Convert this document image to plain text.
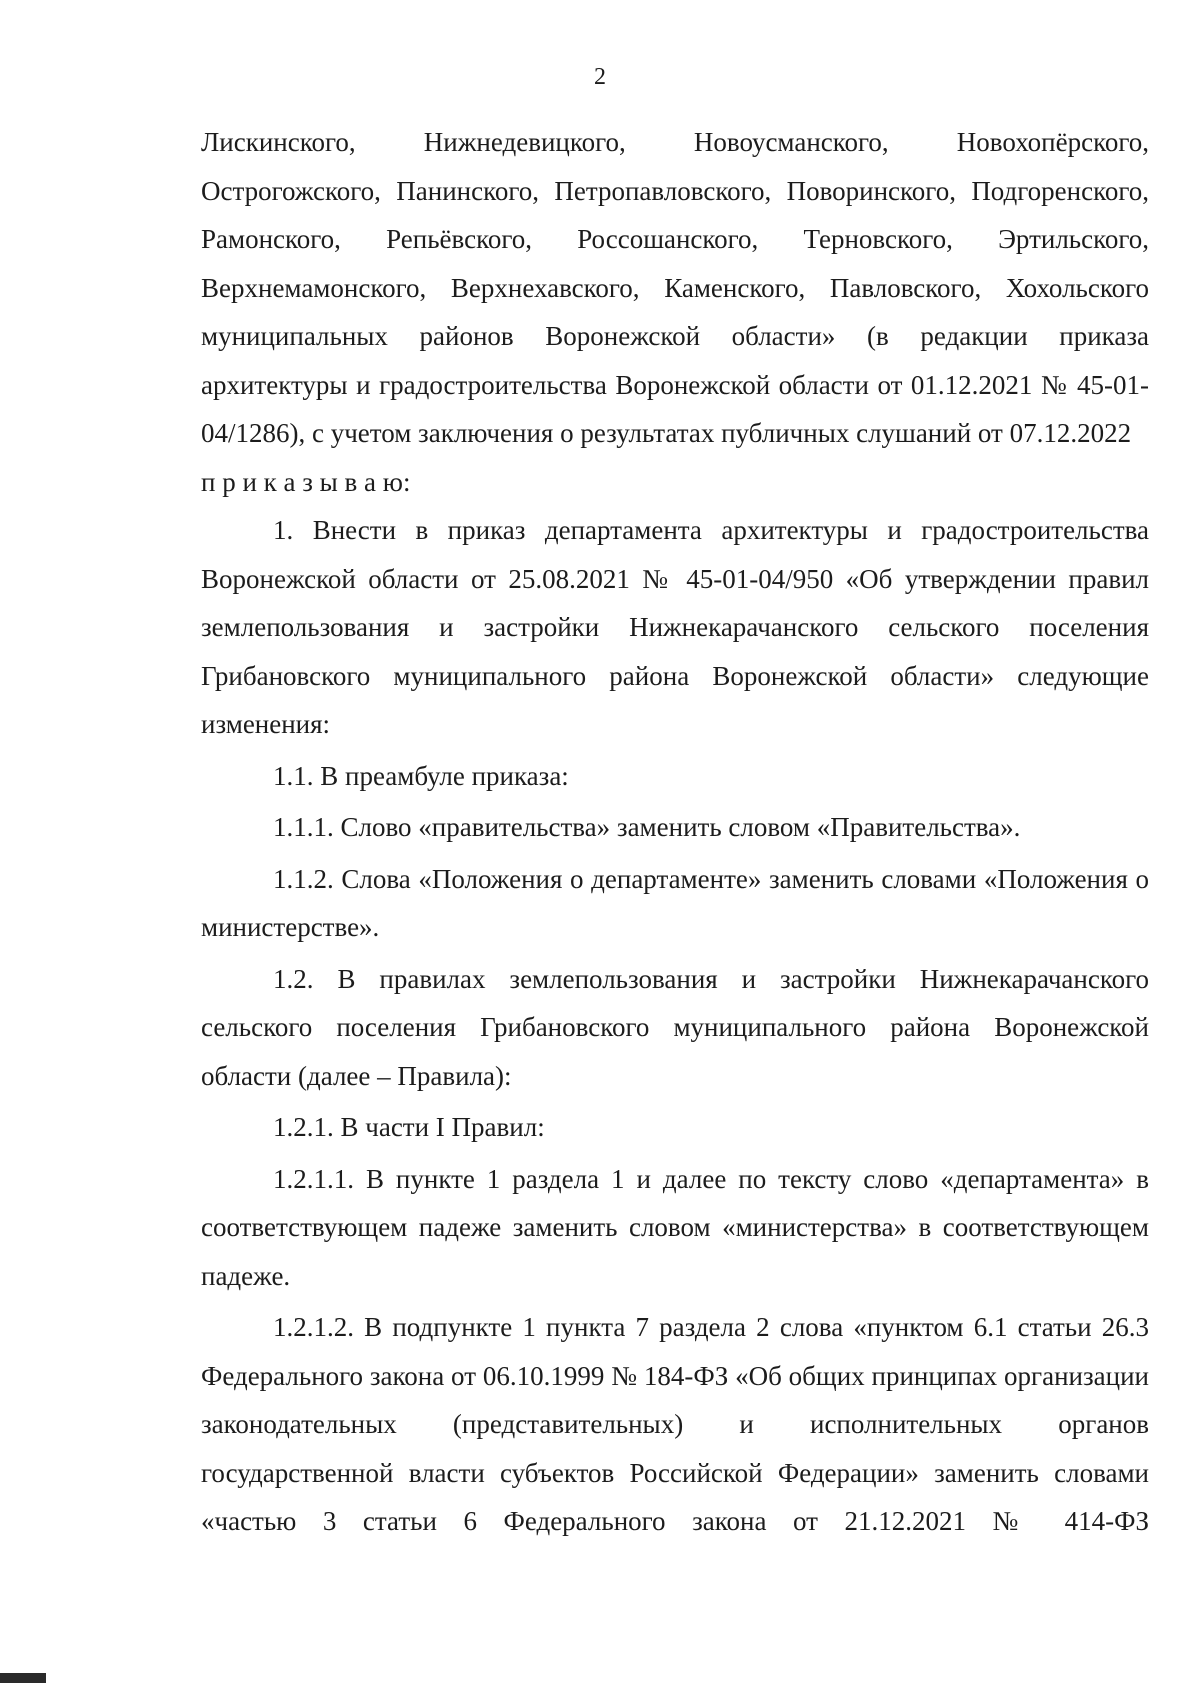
2

Лискинского, Нижнедевицкого, Новоусманского, Новохопёрского, Острогожского, Панинского, Петропавловского, Поворинского, Подгоренского, Рамонского, Репьёвского, Россошанского, Терновского, Эртильского, Верхнемамонского, Верхнехавского, Каменского, Павловского, Хохольского муниципальных районов Воронежской области» (в редакции приказа архитектуры и градостроительства Воронежской области от 01.12.2021 № 45-01-04/1286), с учетом заключения о результатах публичных слушаний от 07.12.2022

п р и к а з ы в а ю:

1. Внести в приказ департамента архитектуры и градостроительства Воронежской области от 25.08.2021 № 45-01-04/950 «Об утверждении правил землепользования и застройки Нижнекарачанского сельского поселения Грибановского муниципального района Воронежской области» следующие изменения:

1.1. В преамбуле приказа:

1.1.1. Слово «правительства» заменить словом «Правительства».

1.1.2. Слова «Положения о департаменте» заменить словами «Положения о министерстве».

1.2. В правилах землепользования и застройки Нижнекарачанского сельского поселения Грибановского муниципального района Воронежской области (далее – Правила):

1.2.1. В части I Правил:

1.2.1.1. В пункте 1 раздела 1 и далее по тексту слово «департамента» в соответствующем падеже заменить словом «министерства» в соответствующем падеже.

1.2.1.2. В подпункте 1 пункта 7 раздела 2 слова «пунктом 6.1 статьи 26.3 Федерального закона от 06.10.1999 № 184-ФЗ «Об общих принципах организации законодательных (представительных) и исполнительных органов государственной власти субъектов Российской Федерации» заменить словами «частью 3 статьи 6 Федерального закона от 21.12.2021 № 414-ФЗ
